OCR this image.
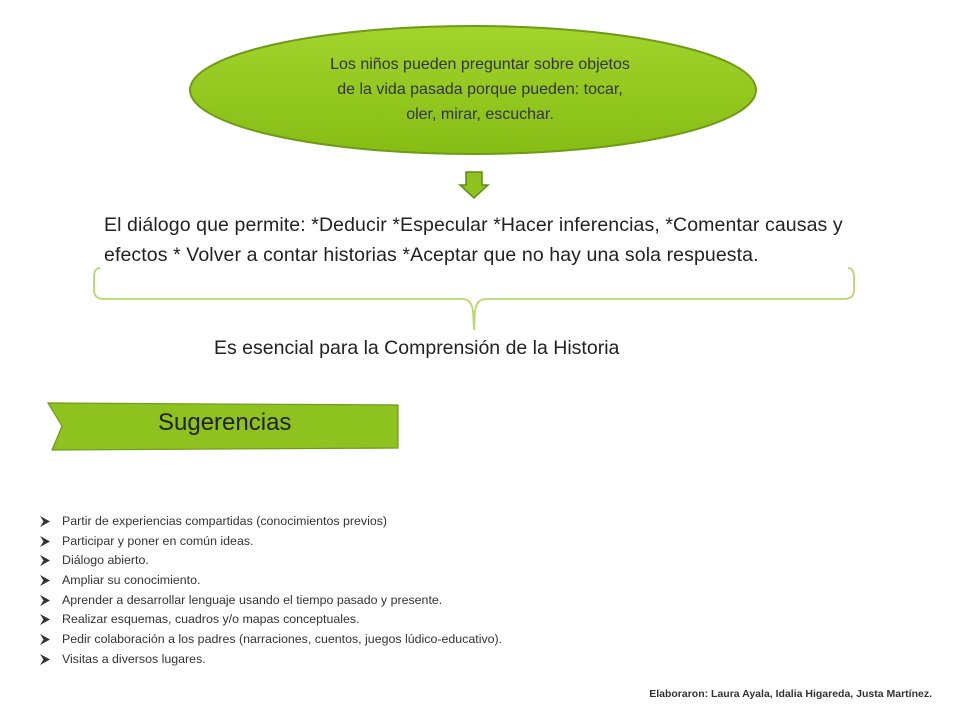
Los niños pueden preguntar sobre objetos
de la vida pasada porque pueden: tocar,
oler, mirar, escuchar.
El diálogo que permite: *Deducir *Especular *Hacer inferencias, *Comentar causas y efectos * Volver a contar historias *Aceptar que no hay una sola respuesta.
Es esencial para la Comprensión de la Historia
Sugerencias
Partir de experiencias compartidas (conocimientos previos)
Participar y poner en común ideas.
Diálogo abierto.
Ampliar su conocimiento.
Aprender a desarrollar lenguaje usando el tiempo pasado y presente.
Realizar esquemas, cuadros y/o mapas conceptuales.
Pedir colaboración a los padres (narraciones, cuentos, juegos lúdico-educativo).
Visitas a diversos lugares.
Elaboraron: Laura Ayala, Idalia Higareda, Justa Martínez.
